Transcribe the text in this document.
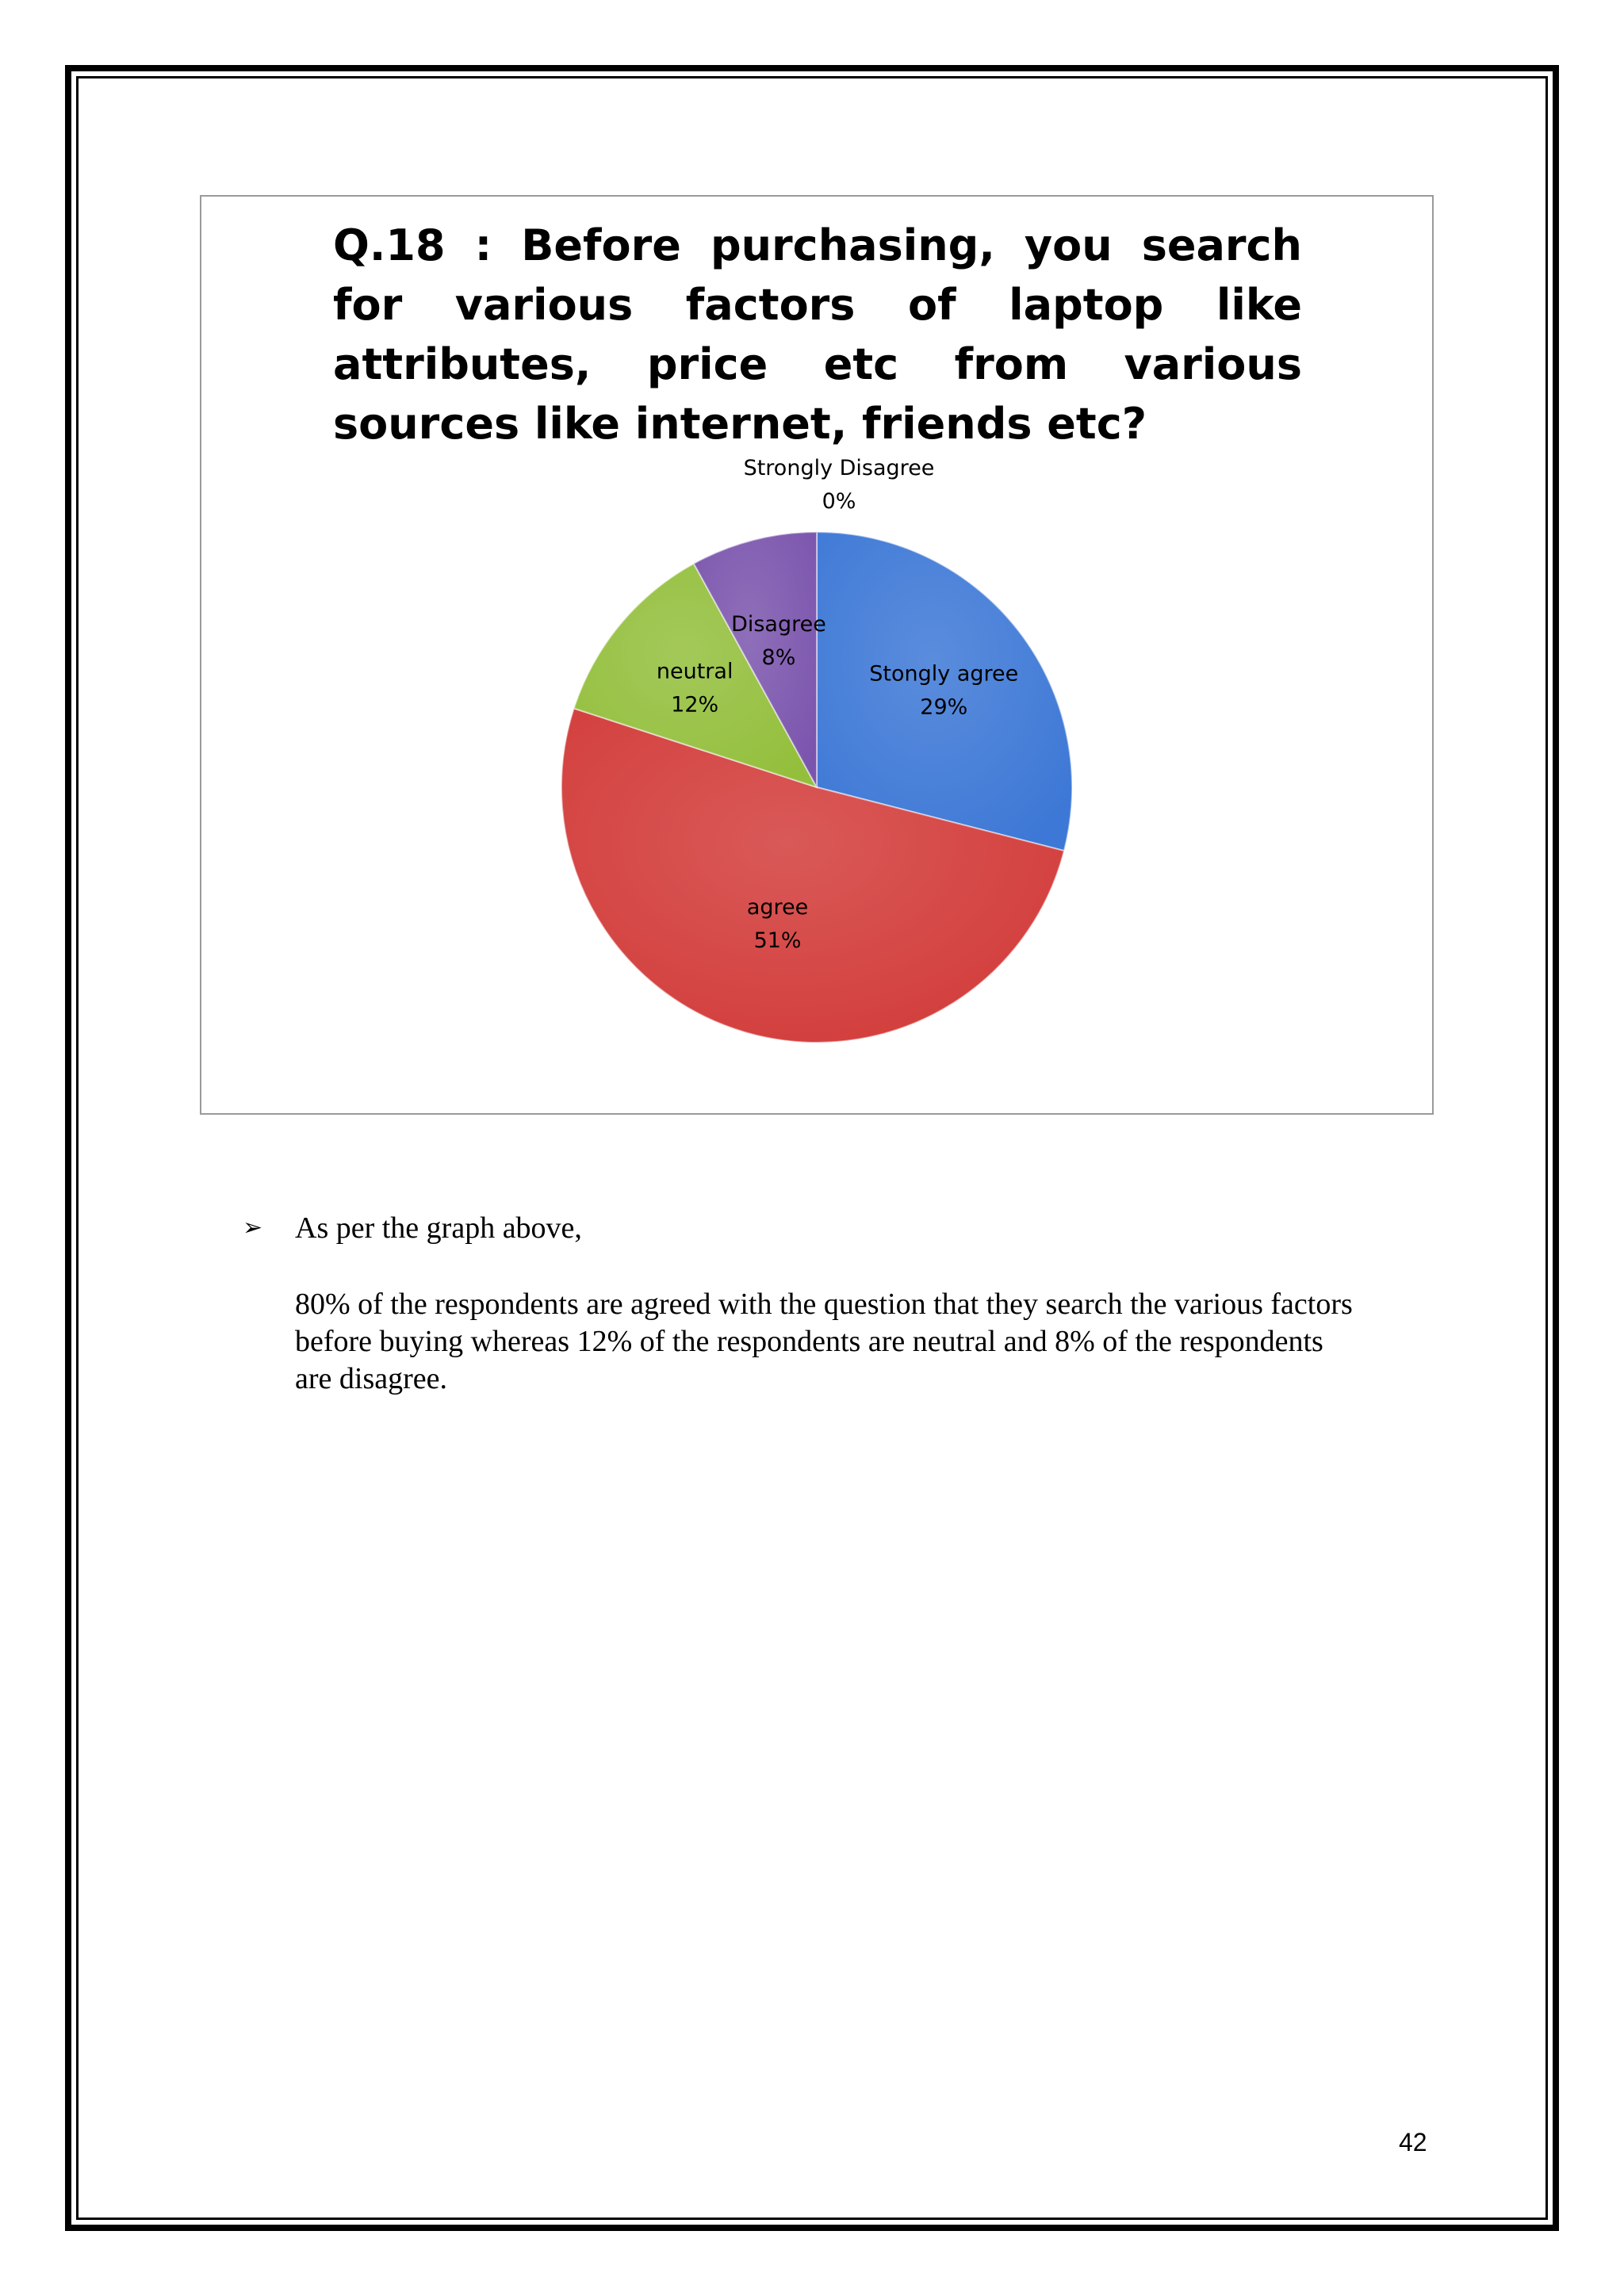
Q.18 : Before purchasing, you search for various factors of laptop like attributes, price etc from various sources like internet, friends etc?
Stongly agree 29%
agree 51%
neutral 12%
Disagree 8%
Strongly Disagree 0%
➢ As per the graph above,
80% of the respondents are agreed with the question that they search the various factors before buying whereas 12% of the respondents are neutral and 8% of the respondents are disagree.
42
